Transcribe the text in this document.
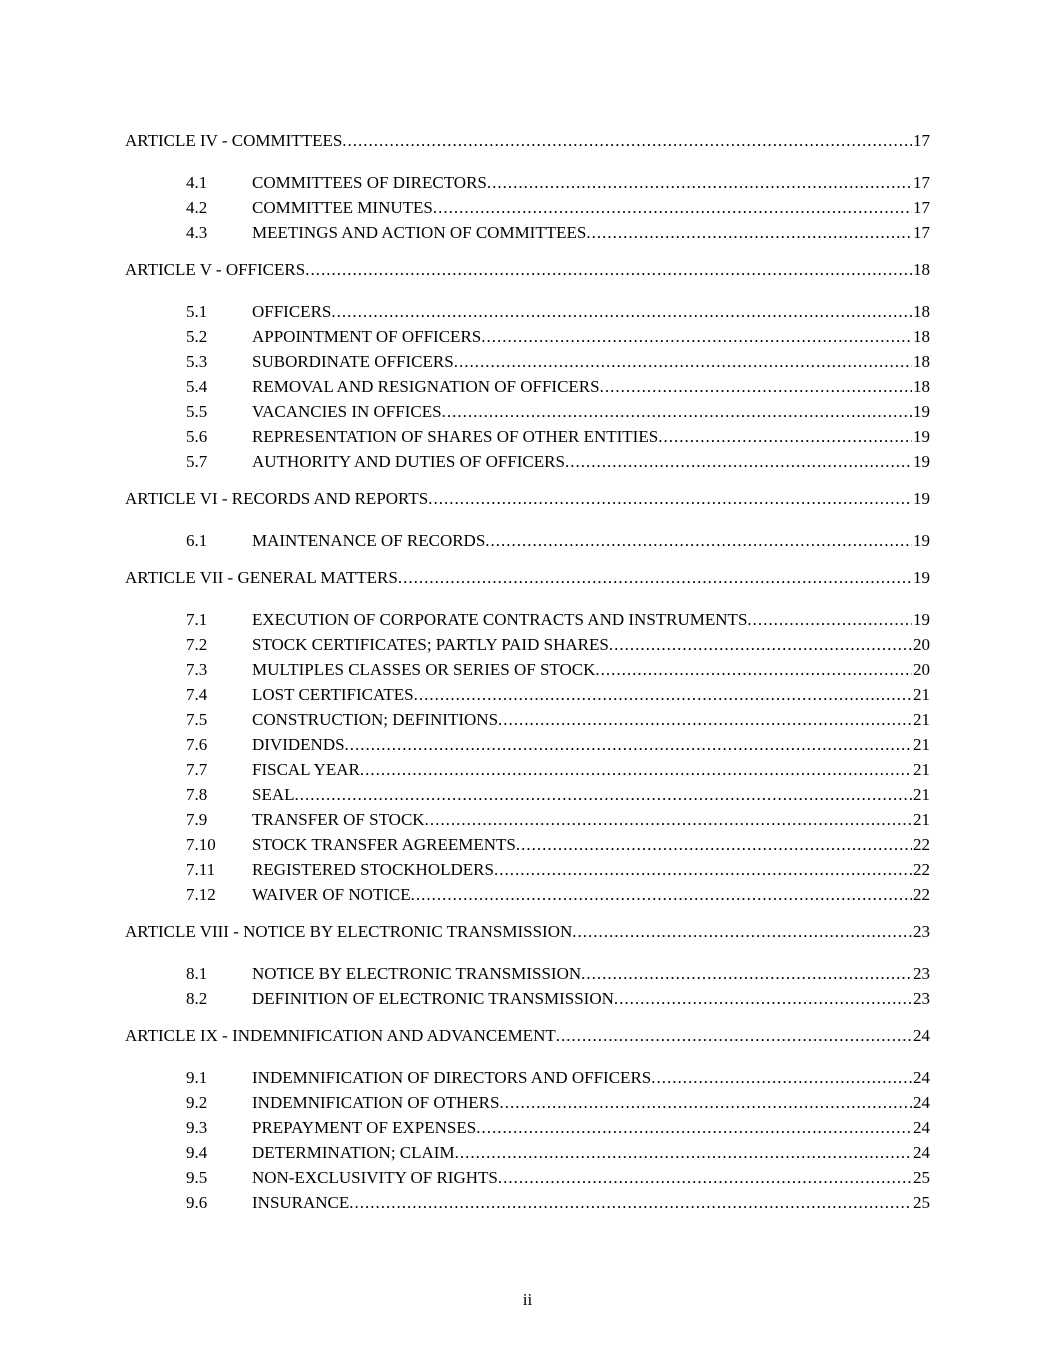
ARTICLE IV - COMMITTEES .....	17
4.1	COMMITTEES OF DIRECTORS .....	17
4.2	COMMITTEE MINUTES .....	17
4.3	MEETINGS AND ACTION OF COMMITTEES .....	17
ARTICLE V - OFFICERS .....	18
5.1	OFFICERS .....	18
5.2	APPOINTMENT OF OFFICERS .....	18
5.3	SUBORDINATE OFFICERS .....	18
5.4	REMOVAL AND RESIGNATION OF OFFICERS .....	18
5.5	VACANCIES IN OFFICES .....	19
5.6	REPRESENTATION OF SHARES OF OTHER ENTITIES .....	19
5.7	AUTHORITY AND DUTIES OF OFFICERS .....	19
ARTICLE VI - RECORDS AND REPORTS .....	19
6.1	MAINTENANCE OF RECORDS .....	19
ARTICLE VII - GENERAL MATTERS .....	19
7.1	EXECUTION OF CORPORATE CONTRACTS AND INSTRUMENTS .....	19
7.2	STOCK CERTIFICATES; PARTLY PAID SHARES .....	20
7.3	MULTIPLES CLASSES OR SERIES OF STOCK .....	20
7.4	LOST CERTIFICATES .....	21
7.5	CONSTRUCTION; DEFINITIONS .....	21
7.6	DIVIDENDS .....	21
7.7	FISCAL YEAR .....	21
7.8	SEAL .....	21
7.9	TRANSFER OF STOCK .....	21
7.10	STOCK TRANSFER AGREEMENTS .....	22
7.11	REGISTERED STOCKHOLDERS .....	22
7.12	WAIVER OF NOTICE .....	22
ARTICLE VIII - NOTICE BY ELECTRONIC TRANSMISSION .....	23
8.1	NOTICE BY ELECTRONIC TRANSMISSION .....	23
8.2	DEFINITION OF ELECTRONIC TRANSMISSION .....	23
ARTICLE IX - INDEMNIFICATION AND ADVANCEMENT .....	24
9.1	INDEMNIFICATION OF DIRECTORS AND OFFICERS .....	24
9.2	INDEMNIFICATION OF OTHERS .....	24
9.3	PREPAYMENT OF EXPENSES .....	24
9.4	DETERMINATION; CLAIM .....	24
9.5	NON-EXCLUSIVITY OF RIGHTS .....	25
9.6	INSURANCE .....	25
ii
